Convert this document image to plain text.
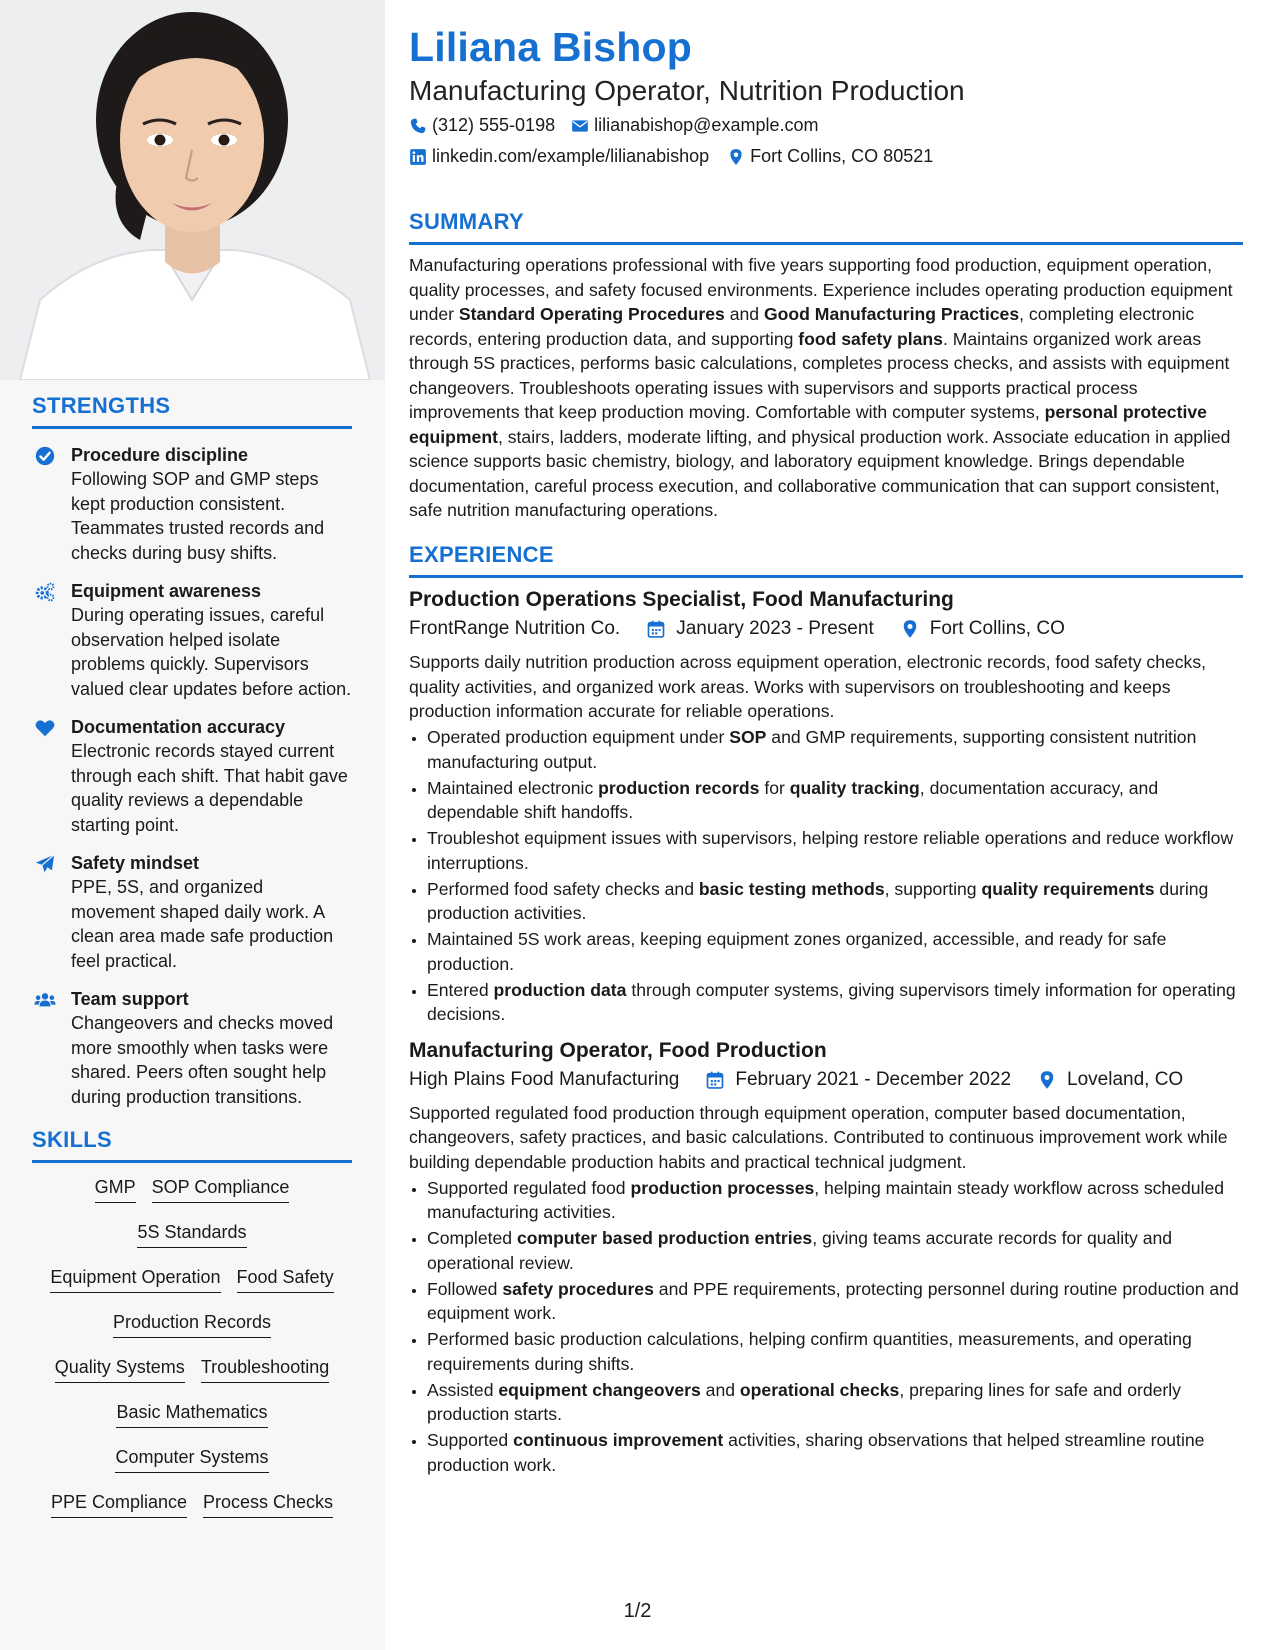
STRENGTHS
Procedure discipline
Following SOP and GMP steps kept production consistent. Teammates trusted records and checks during busy shifts.
Equipment awareness
During operating issues, careful observation helped isolate problems quickly. Supervisors valued clear updates before action.
Documentation accuracy
Electronic records stayed current through each shift. That habit gave quality reviews a dependable starting point.
Safety mindset
PPE, 5S, and organized movement shaped daily work. A clean area made safe production feel practical.
Team support
Changeovers and checks moved more smoothly when tasks were shared. Peers often sought help during production transitions.
SKILLS
GMP SOP Compliance
5S Standards
Equipment Operation Food Safety
Production Records
Quality Systems Troubleshooting
Basic Mathematics
Computer Systems
PPE Compliance Process Checks
Liliana Bishop
Manufacturing Operator, Nutrition Production
(312) 555-0198 lilianabishop@example.com
linkedin.com/example/lilianabishop Fort Collins, CO 80521
SUMMARY
Manufacturing operations professional with five years supporting food production, equipment operation, quality processes, and safety focused environments. Experience includes operating production equipment under Standard Operating Procedures and Good Manufacturing Practices, completing electronic records, entering production data, and supporting food safety plans. Maintains organized work areas through 5S practices, performs basic calculations, completes process checks, and assists with equipment changeovers. Troubleshoots operating issues with supervisors and supports practical process improvements that keep production moving. Comfortable with computer systems, personal protective equipment, stairs, ladders, moderate lifting, and physical production work. Associate education in applied science supports basic chemistry, biology, and laboratory equipment knowledge. Brings dependable documentation, careful process execution, and collaborative communication that can support consistent, safe nutrition manufacturing operations.
EXPERIENCE
Production Operations Specialist, Food Manufacturing
FrontRange Nutrition Co.	January 2023 - Present	Fort Collins, CO
Supports daily nutrition production across equipment operation, electronic records, food safety checks, quality activities, and organized work areas. Works with supervisors on troubleshooting and keeps production information accurate for reliable operations.
• Operated production equipment under SOP and GMP requirements, supporting consistent nutrition manufacturing output.
• Maintained electronic production records for quality tracking, documentation accuracy, and dependable shift handoffs.
• Troubleshot equipment issues with supervisors, helping restore reliable operations and reduce workflow interruptions.
• Performed food safety checks and basic testing methods, supporting quality requirements during production activities.
• Maintained 5S work areas, keeping equipment zones organized, accessible, and ready for safe production.
• Entered production data through computer systems, giving supervisors timely information for operating decisions.
Manufacturing Operator, Food Production
High Plains Food Manufacturing	February 2021 - December 2022	Loveland, CO
Supported regulated food production through equipment operation, computer based documentation, changeovers, safety practices, and basic calculations. Contributed to continuous improvement work while building dependable production habits and practical technical judgment.
• Supported regulated food production processes, helping maintain steady workflow across scheduled manufacturing activities.
• Completed computer based production entries, giving teams accurate records for quality and operational review.
• Followed safety procedures and PPE requirements, protecting personnel during routine production and equipment work.
• Performed basic production calculations, helping confirm quantities, measurements, and operating requirements during shifts.
• Assisted equipment changeovers and operational checks, preparing lines for safe and orderly production starts.
• Supported continuous improvement activities, sharing observations that helped streamline routine production work.
1/2
